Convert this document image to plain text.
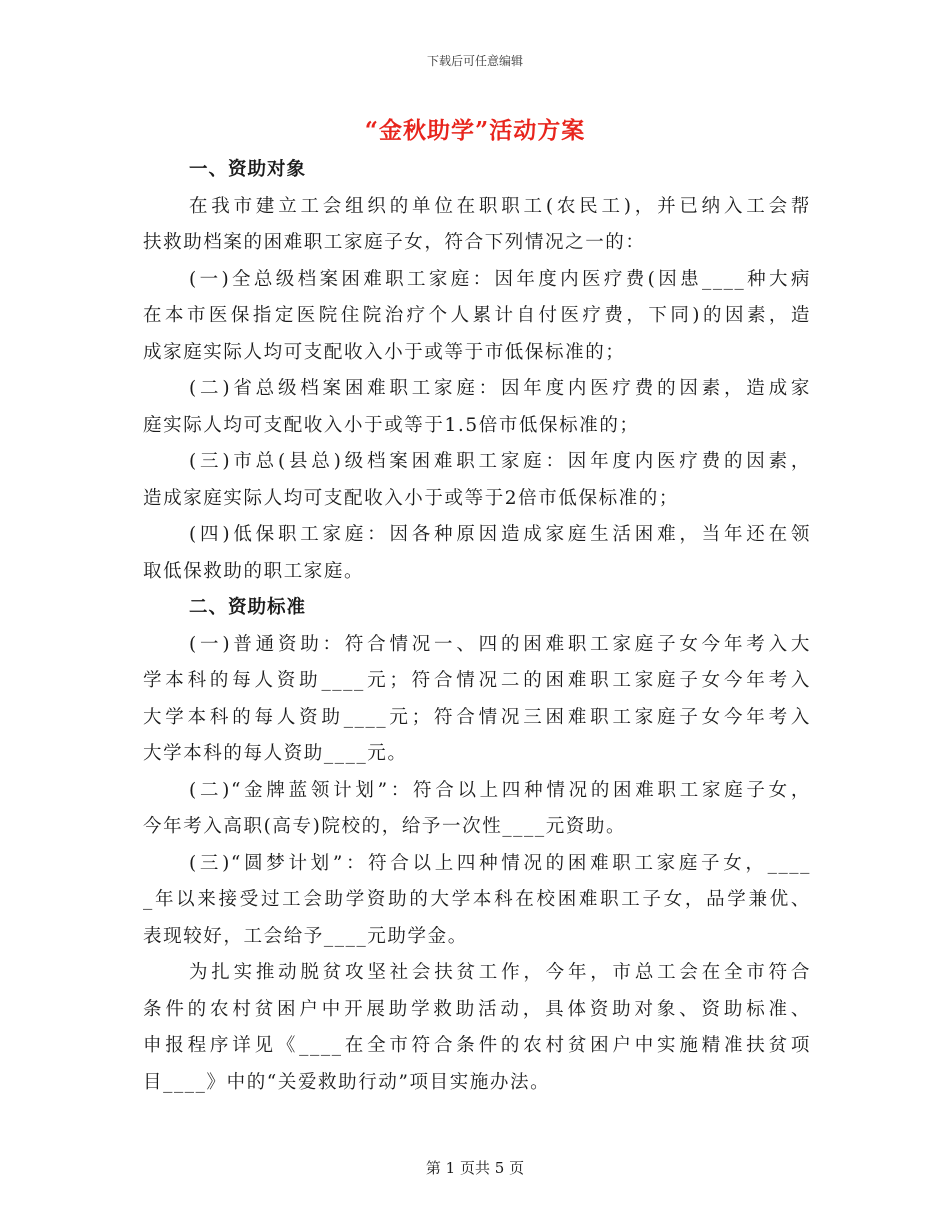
下载后可任意编辑
“金秋助学”活动方案
一、资助对象
在我市建立工会组织的单位在职职工(农民工)，并已纳入工会帮
扶救助档案的困难职工家庭子女，符合下列情况之一的：
(一)全总级档案困难职工家庭：因年度内医疗费(因患____种大病
在本市医保指定医院住院治疗个人累计自付医疗费，下同)的因素，造
成家庭实际人均可支配收入小于或等于市低保标准的；
(二)省总级档案困难职工家庭：因年度内医疗费的因素，造成家
庭实际人均可支配收入小于或等于1.5倍市低保标准的；
(三)市总(县总)级档案困难职工家庭：因年度内医疗费的因素，
造成家庭实际人均可支配收入小于或等于2倍市低保标准的；
(四)低保职工家庭：因各种原因造成家庭生活困难，当年还在领
取低保救助的职工家庭。
二、资助标准
(一)普通资助：符合情况一、四的困难职工家庭子女今年考入大
学本科的每人资助____元；符合情况二的困难职工家庭子女今年考入
大学本科的每人资助____元；符合情况三困难职工家庭子女今年考入
大学本科的每人资助____元。
(二)“金牌蓝领计划”：符合以上四种情况的困难职工家庭子女，
今年考入高职(高专)院校的，给予一次性____元资助。
(三)“圆梦计划”：符合以上四种情况的困难职工家庭子女，____
_年以来接受过工会助学资助的大学本科在校困难职工子女，品学兼优、
表现较好，工会给予____元助学金。
为扎实推动脱贫攻坚社会扶贫工作，今年，市总工会在全市符合
条件的农村贫困户中开展助学救助活动，具体资助对象、资助标准、
申报程序详见《____在全市符合条件的农村贫困户中实施精准扶贫项
目____》中的“关爱救助行动”项目实施办法。
第 1 页共 5 页
